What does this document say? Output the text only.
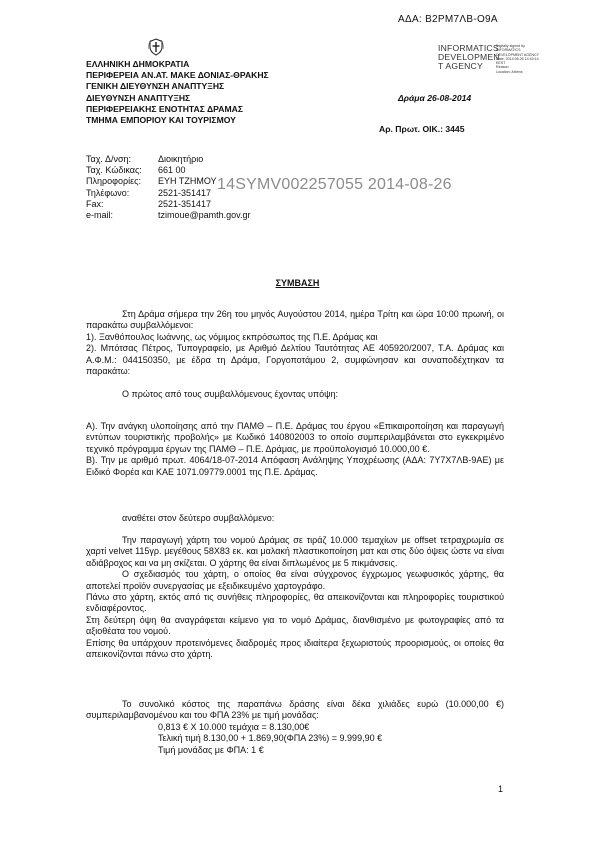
ΑΔΑ: Β2ΡΜ7ΛΒ-Ο9Α
ΕΛΛΗΝΙΚΗ ΔΗΜΟΚΡΑΤΙΑ
ΠΕΡΙΦΕΡΕΙΑ ΑΝ.ΑΤ. ΜΑΚΕ ΔΟΝΙΑΣ-ΘΡΑΚΗΣ
ΓΕΝΙΚΗ ΔΙΕΥΘΥΝΣΗ ΑΝΑΠΤΥΞΗΣ
ΔΙΕΥΘΥΝΣΗ ΑΝΑΠΤΥΞΗΣ
ΠΕΡΙΦΕΡΕΙΑΚΗΣ ΕΝΟΤΗΤΑΣ ΔΡΑΜΑΣ
ΤΜΗΜΑ ΕΜΠΟΡΙΟΥ ΚΑΙ ΤΟΥΡΙΣΜΟΥ
INFORMATICS
DEVELOPMEN
T AGENCY
Digitally signed by
INFORMATICS
DEVELOPMENT AGENCY
Date: 2014.08.26 14:43:14
EEST
Reason:
Location: Athens
Δράμα 26-08-2014
Αρ. Πρωτ. ΟΙΚ.: 3445
Ταχ. Δ/νση:	Διοικητήριο
Ταχ. Κώδικας:	661 00
Πληροφορίες:	ΕΥΗ ΤΖΗΜΟΥ
Τηλέφωνο:	2521-351417
Fax:	2521-351417
e-mail:	tzimoue@pamth.gov.gr
14SYMV002257055 2014-08-26
ΣΥΜΒΑΣΗ

Στη Δράμα σήμερα την 26η του μηνός Αυγούστου 2014, ημέρα Τρίτη και ώρα 10:00 πρωινή, οι παρακάτω συμβαλλόμενοι:

1). Ξανθόπουλος Ιωάννης, ως νόμιμος εκπρόσωπος της Π.Ε. Δράμας και

2). Μπότσας Πέτρος, Τυπογραφείο, με Αριθμό Δελτίου Ταυτότητας ΑΕ 405920/2007, Τ.Α. Δράμας και Α.Φ.Μ.: 044150350, με έδρα τη Δράμα, Γοργοποτάμου 2, συμφώνησαν και συναποδέχτηκαν τα παρακάτω:

Ο πρώτος από τους συμβαλλόμενους έχοντας υπόψη:

Α). Την ανάγκη υλοποίησης από την ΠΑΜΘ – Π.Ε. Δράμας του έργου «Επικαιροποίηση και παραγωγή εντύπων τουριστικής προβολής» με Κωδικό 140802003 το οποίο συμπεριλαμβάνεται στο εγκεκριμένο τεχνικό πρόγραμμα έργων της ΠΑΜΘ – Π.Ε. Δράμας, με προϋπολογισμό 10.000,00 €.

Β). Την με αριθμό πρωτ. 4064/18-07-2014 Απόφαση Ανάληψης Υποχρέωσης (ΑΔΑ: 7Υ7Χ7ΛΒ-9ΑΕ) με Ειδικό Φορέα και ΚΑΕ 1071.09779.0001 της Π.Ε. Δράμας.

αναθέτει στον δεύτερο συμβαλλόμενο:

Την παραγωγή χάρτη του νομού Δράμας σε τιράζ 10.000 τεμαχίων με offset τετραχρωμία σε χαρτί velvet 115γρ. μεγέθους 58Χ83 εκ. και μαλακή πλαστικοποίηση ματ και στις δύο όψεις ώστε να είναι αδιάβροχος και να μη σκίζεται. Ο χάρτης θα είναι διπλωμένος με 5 πικμάνσεις.

Ο σχεδιασμός του χάρτη, ο οποίος θα είναι σύγχρονος έγχρωμος γεωφυσικός χάρτης, θα αποτελεί προϊόν συνεργασίας με εξειδικευμένο χαρτογράφο.

Πάνω στο χάρτη, εκτός από τις συνήθεις πληροφορίες, θα απεικονίζονται και πληροφορίες τουριστικού ενδιαφέροντος.

Στη δεύτερη όψη θα αναγράφεται κείμενο για το νομό Δράμας, διανθισμένο με φωτογραφίες από τα αξιοθέατα του νομού.

Επίσης θα υπάρχουν προτεινόμενες διαδρομές προς ιδιαίτερα ξεχωριστούς προορισμούς, οι οποίες θα απεικονίζονται πάνω στο χάρτη.

Το συνολικό κόστος της παραπάνω δράσης είναι δέκα χιλιάδες ευρώ (10.000,00 €) συμπεριλαμβανομένου και του ΦΠΑ 23% με τιμή μονάδας:

0,813 € Χ 10.000 τεμάχια = 8.130,00€

Τελική τιμή 8.130,00 + 1.869,90(ΦΠΑ 23%) = 9.999,90 €

Τιμή μονάδας με ΦΠΑ: 1 €

1
